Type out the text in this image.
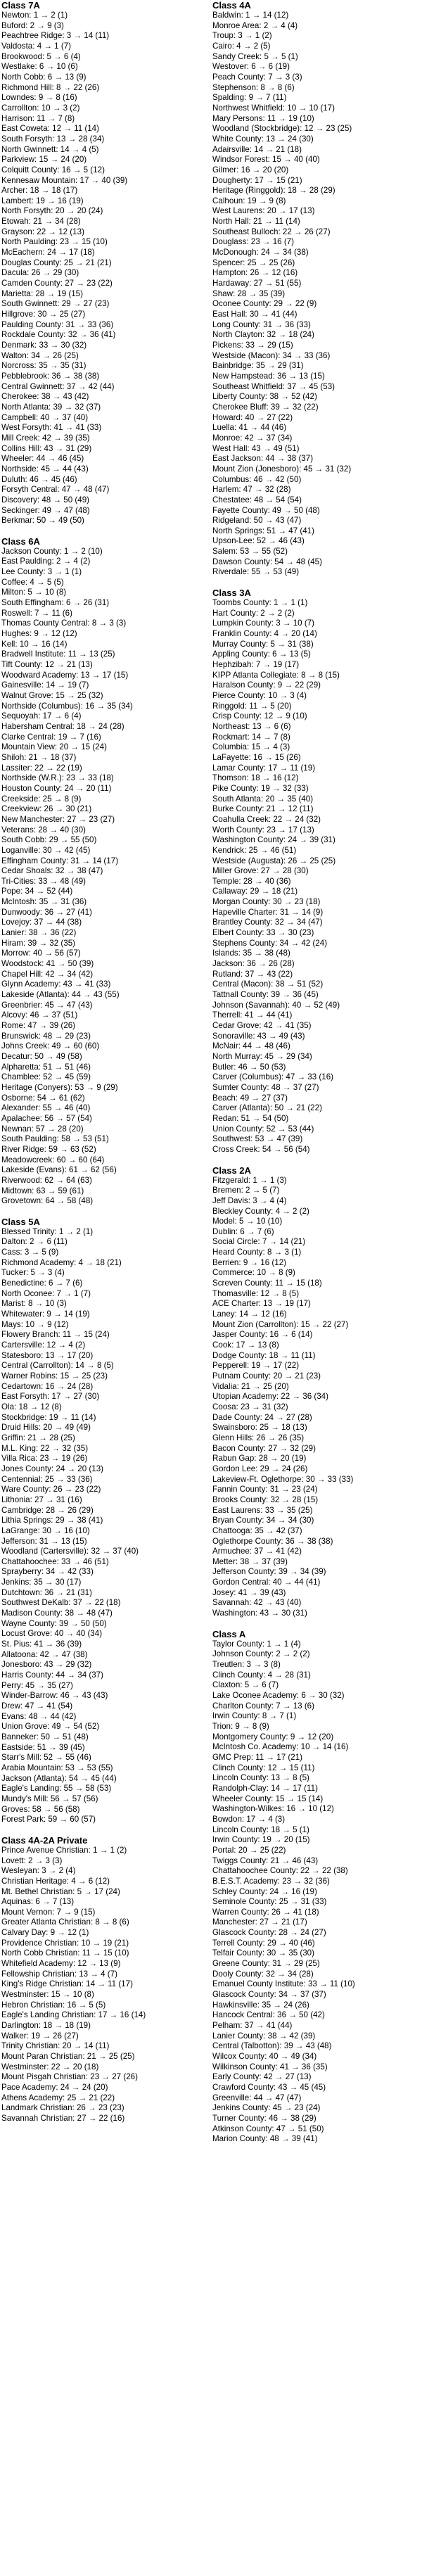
Class 7A
Newton: 1 → 2 (1)
Buford: 2 → 9 (3)
Peachtree Ridge: 3 → 14 (11)
Valdosta: 4 → 1 (7)
Brookwood: 5 → 6 (4)
Westlake: 6 → 10 (6)
North Cobb: 6 → 13 (9)
Richmond Hill: 8 → 22 (26)
Lowndes: 9 → 8 (16)
Carrollton: 10 → 3 (2)
Harrison: 11 → 7 (8)
East Coweta: 12 → 11 (14)
South Forsyth: 13 → 28 (34)
North Gwinnett: 14 → 4 (5)
Parkview: 15 → 24 (20)
Colquitt County: 16 → 5 (12)
Kennesaw Mountain: 17 → 40 (39)
Archer: 18 → 18 (17)
Lambert: 19 → 16 (19)
North Forsyth: 20 → 20 (24)
Etowah: 21 → 34 (28)
Grayson: 22 → 12 (13)
North Paulding: 23 → 15 (10)
McEachern: 24 → 17 (18)
Douglas County: 25 → 21 (21)
Dacula: 26 → 29 (30)
Camden County: 27 → 23 (22)
Marietta: 28 → 19 (15)
South Gwinnett: 29 → 27 (23)
Hillgrove: 30 → 25 (27)
Paulding County: 31 → 33 (36)
Rockdale County: 32 → 36 (41)
Denmark: 33 → 30 (32)
Walton: 34 → 26 (25)
Norcross: 35 → 35 (31)
Pebblebrook: 36 → 38 (38)
Central Gwinnett: 37 → 42 (44)
Cherokee: 38 → 43 (42)
North Atlanta: 39 → 32 (37)
Campbell: 40 → 37 (40)
West Forsyth: 41 → 41 (33)
Mill Creek: 42 → 39 (35)
Collins Hill: 43 → 31 (29)
Wheeler: 44 → 46 (45)
Northside: 45 → 44 (43)
Duluth: 46 → 45 (46)
Forsyth Central: 47 → 48 (47)
Discovery: 48 → 50 (49)
Seckinger: 49 → 47 (48)
Berkmar: 50 → 49 (50)
Class 6A
Jackson County: 1 → 2 (10)
East Paulding: 2 → 4 (2)
Lee County: 3 → 1 (1)
Coffee: 4 → 5 (5)
Milton: 5 → 10 (8)
South Effingham: 6 → 26 (31)
Roswell: 7 → 11 (6)
Thomas County Central: 8 → 3 (3)
Hughes: 9 → 12 (12)
Kell: 10 → 16 (14)
Bradwell Institute: 11 → 13 (25)
Tift County: 12 → 21 (13)
Woodward Academy: 13 → 17 (15)
Gainesville: 14 → 19 (7)
Walnut Grove: 15 → 25 (32)
Northside (Columbus): 16 → 35 (34)
Sequoyah: 17 → 6 (4)
Habersham Central: 18 → 24 (28)
Clarke Central: 19 → 7 (16)
Mountain View: 20 → 15 (24)
Shiloh: 21 → 18 (37)
Lassiter: 22 → 22 (19)
Northside (W.R.): 23 → 33 (18)
Houston County: 24 → 20 (11)
Creekside: 25 → 8 (9)
Creekview: 26 → 30 (21)
New Manchester: 27 → 23 (27)
Veterans: 28 → 40 (30)
South Cobb: 29 → 55 (50)
Loganville: 30 → 42 (45)
Effingham County: 31 → 14 (17)
Cedar Shoals: 32 → 38 (47)
Tri-Cities: 33 → 48 (49)
Pope: 34 → 52 (44)
McIntosh: 35 → 31 (36)
Dunwoody: 36 → 27 (41)
Lovejoy: 37 → 44 (38)
Lanier: 38 → 36 (22)
Hiram: 39 → 32 (35)
Morrow: 40 → 56 (57)
Woodstock: 41 → 50 (39)
Chapel Hill: 42 → 34 (42)
Glynn Academy: 43 → 41 (33)
Lakeside (Atlanta): 44 → 43 (55)
Greenbrier: 45 → 47 (43)
Alcovy: 46 → 37 (51)
Rome: 47 → 39 (26)
Brunswick: 48 → 29 (23)
Johns Creek: 49 → 60 (60)
Decatur: 50 → 49 (58)
Alpharetta: 51 → 51 (46)
Chamblee: 52 → 45 (59)
Heritage (Conyers): 53 → 9 (29)
Osborne: 54 → 61 (62)
Alexander: 55 → 46 (40)
Apalachee: 56 → 57 (54)
Newnan: 57 → 28 (20)
South Paulding: 58 → 53 (51)
River Ridge: 59 → 63 (52)
Meadowcreek: 60 → 60 (64)
Lakeside (Evans): 61 → 62 (56)
Riverwood: 62 → 64 (63)
Midtown: 63 → 59 (61)
Grovetown: 64 → 58 (48)
Class 5A
Blessed Trinity: 1 → 2 (1)
Dalton: 2 → 6 (11)
Cass: 3 → 5 (9)
Richmond Academy: 4 → 18 (21)
Tucker: 5 → 3 (4)
Benedictine: 6 → 7 (6)
North Oconee: 7 → 1 (7)
Marist: 8 → 10 (3)
Whitewater: 9 → 14 (19)
Mays: 10 → 9 (12)
Flowery Branch: 11 → 15 (24)
Cartersville: 12 → 4 (2)
Statesboro: 13 → 17 (20)
Central (Carrollton): 14 → 8 (5)
Warner Robins: 15 → 25 (23)
Cedartown: 16 → 24 (28)
East Forsyth: 17 → 27 (30)
Ola: 18 → 12 (8)
Stockbridge: 19 → 11 (14)
Druid Hills: 20 → 49 (49)
Griffin: 21 → 28 (25)
M.L. King: 22 → 32 (35)
Villa Rica: 23 → 19 (26)
Jones County: 24 → 20 (13)
Centennial: 25 → 33 (36)
Ware County: 26 → 23 (22)
Lithonia: 27 → 31 (16)
Cambridge: 28 → 26 (29)
Lithia Springs: 29 → 38 (41)
LaGrange: 30 → 16 (10)
Jefferson: 31 → 13 (15)
Woodland (Cartersville): 32 → 37 (40)
Chattahoochee: 33 → 46 (51)
Sprayberry: 34 → 42 (33)
Jenkins: 35 → 30 (17)
Dutchtown: 36 → 21 (31)
Southwest DeKalb: 37 → 22 (18)
Madison County: 38 → 48 (47)
Wayne County: 39 → 50 (50)
Locust Grove: 40 → 40 (34)
St. Pius: 41 → 36 (39)
Allatoona: 42 → 47 (38)
Jonesboro: 43 → 29 (32)
Harris County: 44 → 34 (37)
Perry: 45 → 35 (27)
Winder-Barrow: 46 → 43 (43)
Drew: 47 → 41 (54)
Evans: 48 → 44 (42)
Union Grove: 49 → 54 (52)
Banneker: 50 → 51 (48)
Eastside: 51 → 39 (45)
Starr's Mill: 52 → 55 (46)
Arabia Mountain: 53 → 53 (55)
Jackson (Atlanta): 54 → 45 (44)
Eagle's Landing: 55 → 58 (53)
Mundy's Mill: 56 → 57 (56)
Groves: 58 → 56 (58)
Forest Park: 59 → 60 (57)
Class 4A-2A Private
Prince Avenue Christian: 1 → 1 (2)
Lovett: 2 → 3 (3)
Wesleyan: 3 → 2 (4)
Christian Heritage: 4 → 6 (12)
Mt. Bethel Christian: 5 → 17 (24)
Aquinas: 6 → 7 (13)
Mount Vernon: 7 → 9 (15)
Greater Atlanta Christian: 8 → 8 (6)
Calvary Day: 9 → 12 (1)
Providence Christian: 10 → 19 (21)
North Cobb Christian: 11 → 15 (10)
Whitefield Academy: 12 → 13 (9)
Fellowship Christian: 13 → 4 (7)
King's Ridge Christian: 14 → 11 (17)
Westminster: 15 → 10 (8)
Hebron Christian: 16 → 5 (5)
Eagle's Landing Christian: 17 → 16 (14)
Darlington: 18 → 18 (19)
Walker: 19 → 26 (27)
Trinity Christian: 20 → 14 (11)
Mount Paran Christian: 21 → 25 (25)
Westminster: 22 → 20 (18)
Mount Pisgah Christian: 23 → 27 (26)
Pace Academy: 24 → 24 (20)
Athens Academy: 25 → 21 (22)
Landmark Christian: 26 → 23 (23)
Savannah Christian: 27 → 22 (16)
Class 4A
Baldwin: 1 → 14 (12)
Monroe Area: 2 → 4 (4)
Troup: 3 → 1 (2)
Cairo: 4 → 2 (5)
Sandy Creek: 5 → 5 (1)
Westover: 6 → 6 (19)
Peach County: 7 → 3 (3)
Stephenson: 8 → 8 (6)
Spalding: 9 → 7 (11)
Northwest Whitfield: 10 → 10 (17)
Mary Persons: 11 → 19 (10)
Woodland (Stockbridge): 12 → 23 (25)
White County: 13 → 24 (30)
Adairsville: 14 → 21 (18)
Windsor Forest: 15 → 40 (40)
Gilmer: 16 → 20 (20)
Dougherty: 17 → 15 (21)
Heritage (Ringgold): 18 → 28 (29)
Calhoun: 19 → 9 (8)
West Laurens: 20 → 17 (13)
North Hall: 21 → 11 (14)
Southeast Bulloch: 22 → 26 (27)
Douglass: 23 → 16 (7)
McDonough: 24 → 34 (38)
Spencer: 25 → 25 (26)
Hampton: 26 → 12 (16)
Hardaway: 27 → 51 (55)
Shaw: 28 → 35 (39)
Oconee County: 29 → 22 (9)
East Hall: 30 → 41 (44)
Long County: 31 → 36 (33)
North Clayton: 32 → 18 (24)
Pickens: 33 → 29 (15)
Westside (Macon): 34 → 33 (36)
Bainbridge: 35 → 29 (31)
New Hampstead: 36 → 13 (15)
Southeast Whitfield: 37 → 45 (53)
Liberty County: 38 → 52 (42)
Cherokee Bluff: 39 → 32 (22)
Howard: 40 → 27 (22)
Luella: 41 → 44 (46)
Monroe: 42 → 37 (34)
West Hall: 43 → 49 (51)
East Jackson: 44 → 38 (37)
Mount Zion (Jonesboro): 45 → 31 (32)
Columbus: 46 → 42 (50)
Harlem: 47 → 32 (28)
Chestatee: 48 → 54 (54)
Fayette County: 49 → 50 (48)
Ridgeland: 50 → 43 (47)
North Springs: 51 → 47 (41)
Upson-Lee: 52 → 46 (43)
Salem: 53 → 55 (52)
Dawson County: 54 → 48 (45)
Riverdale: 55 → 53 (49)
Class 3A
Toombs County: 1 → 1 (1)
Hart County: 2 → 2 (2)
Lumpkin County: 3 → 10 (7)
Franklin County: 4 → 20 (14)
Murray County: 5 → 31 (38)
Appling County: 6 → 13 (5)
Hephzibah: 7 → 19 (17)
KIPP Atlanta Collegiate: 8 → 8 (15)
Haralson County: 9 → 22 (29)
Pierce County: 10 → 3 (4)
Ringgold: 11 → 5 (20)
Crisp County: 12 → 9 (10)
Northeast: 13 → 6 (6)
Rockmart: 14 → 7 (8)
Columbia: 15 → 4 (3)
LaFayette: 16 → 15 (26)
Lamar County: 17 → 11 (19)
Thomson: 18 → 16 (12)
Pike County: 19 → 32 (33)
South Atlanta: 20 → 35 (40)
Burke County: 21 → 12 (11)
Coahulla Creek: 22 → 24 (32)
Worth County: 23 → 17 (13)
Washington County: 24 → 39 (31)
Kendrick: 25 → 46 (51)
Westside (Augusta): 26 → 25 (25)
Miller Grove: 27 → 28 (30)
Temple: 28 → 40 (36)
Callaway: 29 → 18 (21)
Morgan County: 30 → 23 (18)
Hapeville Charter: 31 → 14 (9)
Brantley County: 32 → 34 (47)
Elbert County: 33 → 30 (23)
Stephens County: 34 → 42 (24)
Islands: 35 → 38 (48)
Jackson: 36 → 26 (28)
Rutland: 37 → 43 (22)
Central (Macon): 38 → 51 (52)
Tattnall County: 39 → 36 (45)
Johnson (Savannah): 40 → 52 (49)
Therrell: 41 → 44 (41)
Cedar Grove: 42 → 41 (35)
Sonoraville: 43 → 49 (43)
McNair: 44 → 48 (46)
North Murray: 45 → 29 (34)
Butler: 46 → 50 (53)
Carver (Columbus): 47 → 33 (16)
Sumter County: 48 → 37 (27)
Beach: 49 → 27 (37)
Carver (Atlanta): 50 → 21 (22)
Redan: 51 → 54 (50)
Union County: 52 → 53 (44)
Southwest: 53 → 47 (39)
Cross Creek: 54 → 56 (54)
Class 2A
Fitzgerald: 1 → 1 (3)
Bremen: 2 → 5 (7)
Jeff Davis: 3 → 4 (4)
Bleckley County: 4 → 2 (2)
Model: 5 → 10 (10)
Dublin: 6 → 7 (6)
Social Circle: 7 → 14 (21)
Heard County: 8 → 3 (1)
Berrien: 9 → 16 (12)
Commerce: 10 → 8 (9)
Screven County: 11 → 15 (18)
Thomasville: 12 → 8 (5)
ACE Charter: 13 → 19 (17)
Laney: 14 → 12 (16)
Mount Zion (Carrollton): 15 → 22 (27)
Jasper County: 16 → 6 (14)
Cook: 17 → 13 (8)
Dodge County: 18 → 11 (11)
Pepperell: 19 → 17 (22)
Putnam County: 20 → 21 (23)
Vidalia: 21 → 25 (20)
Utopian Academy: 22 → 36 (34)
Coosa: 23 → 31 (32)
Dade County: 24 → 27 (28)
Swainsboro: 25 → 18 (13)
Glenn Hills: 26 → 26 (35)
Bacon County: 27 → 32 (29)
Rabun Gap: 28 → 20 (19)
Gordon Lee: 29 → 24 (26)
Lakeview-Ft. Oglethorpe: 30 → 33 (33)
Fannin County: 31 → 23 (24)
Brooks County: 32 → 28 (15)
East Laurens: 33 → 35 (25)
Bryan County: 34 → 34 (30)
Chattooga: 35 → 42 (37)
Oglethorpe County: 36 → 38 (38)
Armuchee: 37 → 41 (42)
Metter: 38 → 37 (39)
Jefferson County: 39 → 34 (39)
Gordon Central: 40 → 44 (41)
Josey: 41 → 39 (43)
Savannah: 42 → 43 (40)
Washington: 43 → 30 (31)
Class A
Taylor County: 1 → 1 (4)
Johnson County: 2 → 2 (2)
Treutlen: 3 → 3 (8)
Clinch County: 4 → 28 (31)
Claxton: 5 → 6 (7)
Lake Oconee Academy: 6 → 30 (32)
Charlton County: 7 → 13 (6)
Irwin County: 8 → 7 (1)
Trion: 9 → 8 (9)
Montgomery County: 9 → 12 (20)
McIntosh Co. Academy: 10 → 14 (16)
GMC Prep: 11 → 17 (21)
Clinch County: 12 → 15 (11)
Lincoln County: 13 → 8 (5)
Randolph-Clay: 14 → 17 (11)
Wheeler County: 15 → 15 (14)
Washington-Wilkes: 16 → 10 (12)
Bowdon: 17 → 4 (3)
Lincoln County: 18 → 5 (1)
Irwin County: 19 → 20 (15)
Portal: 20 → 25 (22)
Twiggs County: 21 → 46 (43)
Chattahoochee County: 22 → 22 (38)
B.E.S.T. Academy: 23 → 32 (36)
Schley County: 24 → 16 (19)
Seminole County: 25 → 31 (33)
Warren County: 26 → 41 (18)
Manchester: 27 → 21 (17)
Glascock County: 28 → 24 (27)
Terrell County: 29 → 40 (46)
Telfair County: 30 → 35 (30)
Greene County: 31 → 29 (25)
Dooly County: 32 → 34 (28)
Emanuel County Institute: 33 → 11 (10)
Glascock County: 34 → 37 (37)
Hawkinsville: 35 → 24 (26)
Hancock Central: 36 → 50 (42)
Pelham: 37 → 41 (44)
Lanier County: 38 → 42 (39)
Central (Talbotton): 39 → 43 (48)
Wilcox County: 40 → 49 (34)
Wilkinson County: 41 → 36 (35)
Early County: 42 → 27 (13)
Crawford County: 43 → 45 (45)
Greenville: 44 → 47 (47)
Jenkins County: 45 → 23 (24)
Turner County: 46 → 38 (29)
Atkinson County: 47 → 51 (50)
Marion County: 48 → 39 (41)
